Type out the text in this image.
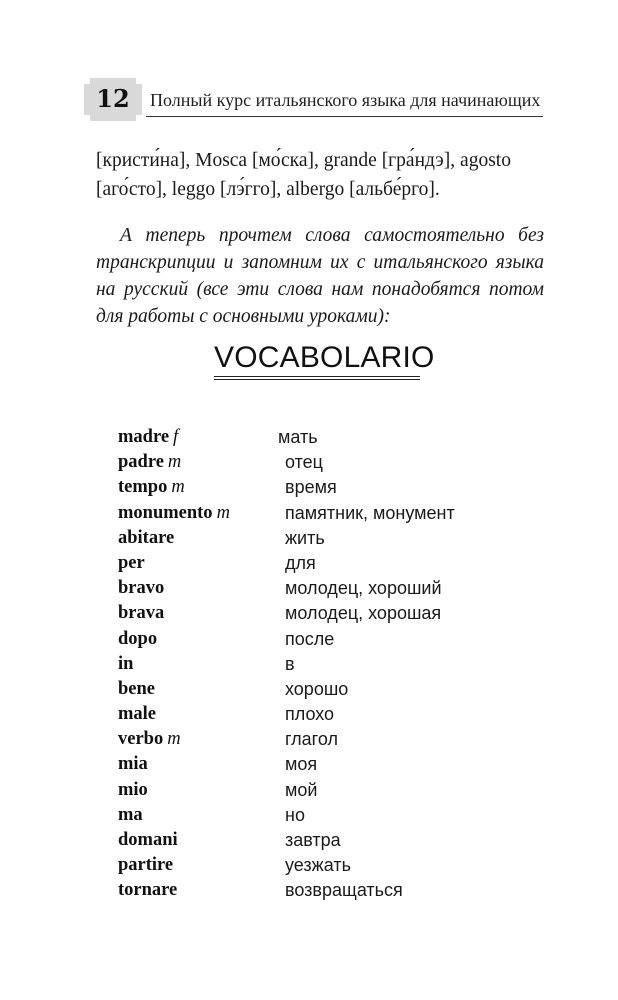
12	Полный курс итальянского языка для начинающих

[кристи́на], Mosca [мо́ска], grande [гра́ндэ], agosto

[аго́сто], leggo [лэ́гго], albergo [альбе́рго].

А теперь прочтем слова самостоятельно без
транскрипции и запомним их с итальянского языка
на русский (все эти слова нам понадобятся потом
для работы с основными уроками):
VOCABOLARIO
madre f	мать
padre m	отец
tempo m	время
monumento m	памятник, монумент
abitare	жить
per	для
bravo	молодец, хороший
brava	молодец, хорошая
dopo	после
in	в
bene	хорошо
male	плохо
verbo m	глагол
mia	моя
mio	мой
ma	но
domani	завтра
partire	уезжать
tornare	возвращаться
